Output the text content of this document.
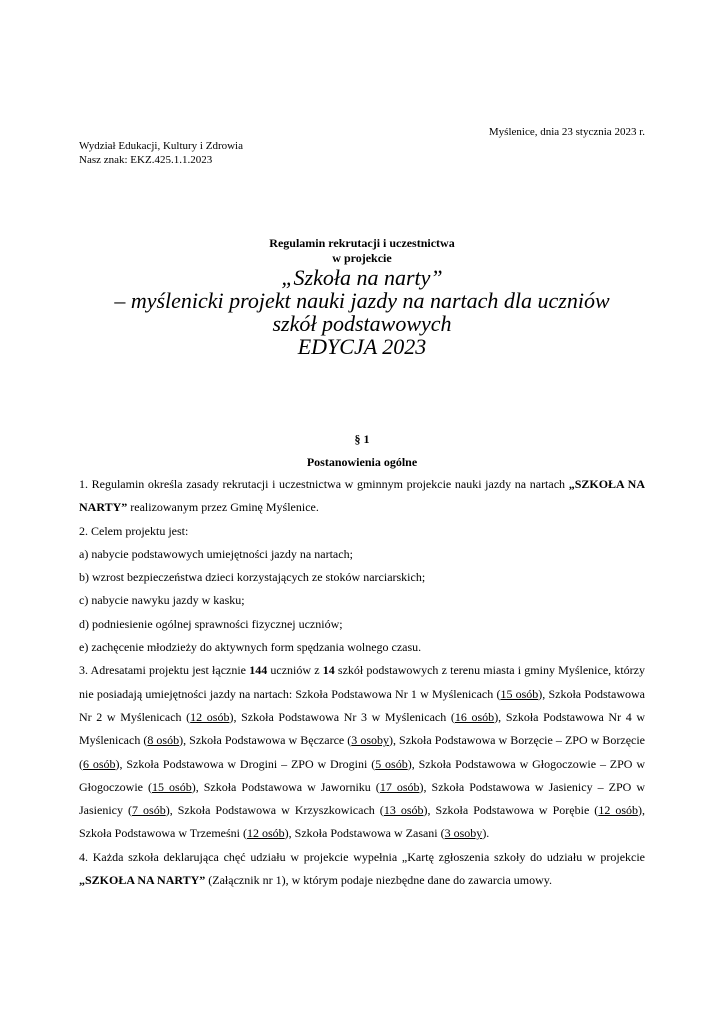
Myślenice, dnia 23 stycznia 2023 r.
Wydział Edukacji, Kultury i Zdrowia
Nasz znak: EKZ.425.1.1.2023
Regulamin rekrutacji i uczestnictwa
w projekcie
„Szkoła na narty”
– myślenicki projekt nauki jazdy na nartach dla uczniów
szkół podstawowych
EDYCJA 2023
§ 1
Postanowienia ogólne

1. Regulamin określa zasady rekrutacji i uczestnictwa w gminnym projekcie nauki jazdy na nartach „SZKOŁA NA NARTY” realizowanym przez Gminę Myślenice.

2. Celem projektu jest:

a) nabycie podstawowych umiejętności jazdy na nartach;

b) wzrost bezpieczeństwa dzieci korzystających ze stoków narciarskich;

c) nabycie nawyku jazdy w kasku;

d) podniesienie ogólnej sprawności fizycznej uczniów;

e) zachęcenie młodzieży do aktywnych form spędzania wolnego czasu.

3. Adresatami projektu jest łącznie 144 uczniów z 14 szkół podstawowych z terenu miasta i gminy Myślenice, którzy nie posiadają umiejętności jazdy na nartach: Szkoła Podstawowa Nr 1 w Myślenicach (15 osób), Szkoła Podstawowa Nr 2 w Myślenicach (12 osób), Szkoła Podstawowa Nr 3 w Myślenicach (16 osób), Szkoła Podstawowa Nr 4 w Myślenicach (8 osób), Szkoła Podstawowa w Bęczarce (3 osoby), Szkoła Podstawowa w Borzęcie – ZPO w Borzęcie (6 osób), Szkoła Podstawowa w Drogini – ZPO w Drogini (5 osób), Szkoła Podstawowa w Głogoczowie – ZPO w Głogoczowie (15 osób), Szkoła Podstawowa w Jaworniku (17 osób), Szkoła Podstawowa w Jasienicy – ZPO w Jasienicy (7 osób), Szkoła Podstawowa w Krzyszkowicach (13 osób), Szkoła Podstawowa w Porębie (12 osób), Szkoła Podstawowa w Trzemeśni (12 osób), Szkoła Podstawowa w Zasani (3 osoby).

4. Każda szkoła deklarująca chęć udziału w projekcie wypełnia „Kartę zgłoszenia szkoły do udziału w projekcie „SZKOŁA NA NARTY” (Załącznik nr 1), w którym podaje niezbędne dane do zawarcia umowy.
